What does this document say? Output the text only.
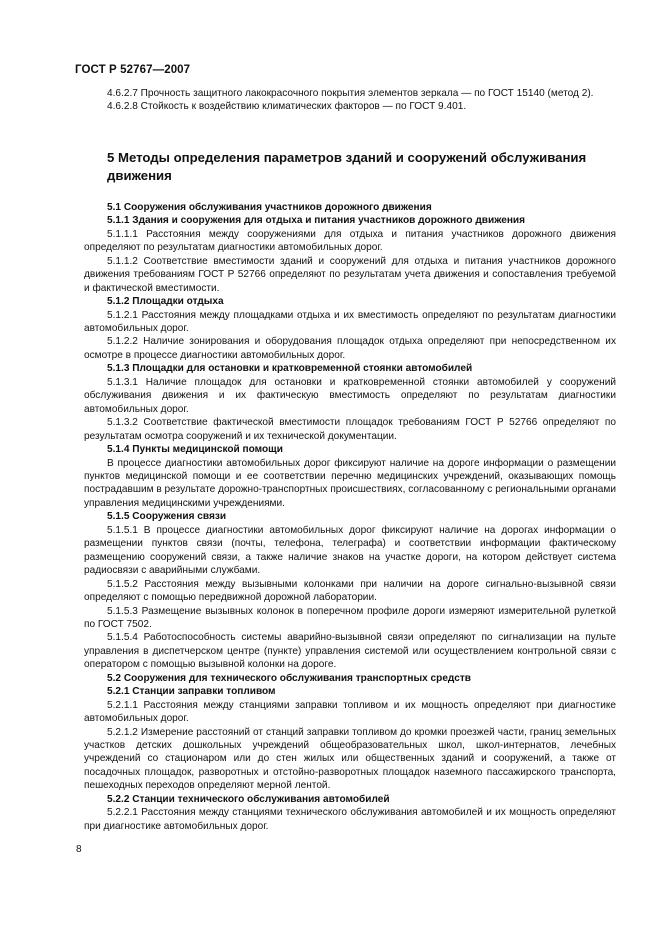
ГОСТ Р 52767—2007

4.6.2.7 Прочность защитного лакокрасочного покрытия элементов зеркала — по ГОСТ 15140 (метод 2).

4.6.2.8 Стойкость к воздействию климатических факторов — по ГОСТ 9.401.

5 Методы определения параметров зданий и сооружений обслуживания движения
5.1 Сооружения обслуживания участников дорожного движения
5.1.1 Здания и сооружения для отдыха и питания участников дорожного движения

5.1.1.1 Расстояния между сооружениями для отдыха и питания участников дорожного движения определяют по результатам диагностики автомобильных дорог.

5.1.1.2 Соответствие вместимости зданий и сооружений для отдыха и питания участников дорожного движения требованиям ГОСТ Р 52766 определяют по результатам учета движения и сопоставления требуемой и фактической вместимости.

5.1.2 Площадки отдыха

5.1.2.1 Расстояния между площадками отдыха и их вместимость определяют по результатам диагностики автомобильных дорог.

5.1.2.2 Наличие зонирования и оборудования площадок отдыха определяют при непосредственном их осмотре в процессе диагностики автомобильных дорог.

5.1.3 Площадки для остановки и кратковременной стоянки автомобилей

5.1.3.1 Наличие площадок для остановки и кратковременной стоянки автомобилей у сооружений обслуживания движения и их фактическую вместимость определяют по результатам диагностики автомобильных дорог.

5.1.3.2 Соответствие фактической вместимости площадок требованиям ГОСТ Р 52766 определяют по результатам осмотра сооружений и их технической документации.

5.1.4 Пункты медицинской помощи

В процессе диагностики автомобильных дорог фиксируют наличие на дороге информации о размещении пунктов медицинской помощи и ее соответствии перечню медицинских учреждений, оказывающих помощь пострадавшим в результате дорожно-транспортных происшествиях, согласованному с региональными органами управления медицинскими учреждениями.

5.1.5 Сооружения связи

5.1.5.1 В процессе диагностики автомобильных дорог фиксируют наличие на дорогах информации о размещении пунктов связи (почты, телефона, телеграфа) и соответствии информации фактическому размещению сооружений связи, а также наличие знаков на участке дороги, на котором действует система радиосвязи с аварийными службами.

5.1.5.2 Расстояния между вызывными колонками при наличии на дороге сигнально-вызывной связи определяют с помощью передвижной дорожной лаборатории.

5.1.5.3 Размещение вызывных колонок в поперечном профиле дороги измеряют измерительной рулеткой по ГОСТ 7502.

5.1.5.4 Работоспособность системы аварийно-вызывной связи определяют по сигнализации на пульте управления в диспетчерском центре (пункте) управления системой или осуществлением контрольной связи с оператором с помощью вызывной колонки на дороге.

5.2 Сооружения для технического обслуживания транспортных средств
5.2.1 Станции заправки топливом

5.2.1.1 Расстояния между станциями заправки топливом и их мощность определяют при диагностике автомобильных дорог.

5.2.1.2 Измерение расстояний от станций заправки топливом до кромки проезжей части, границ земельных участков детских дошкольных учреждений общеобразовательных школ, школ-интернатов, лечебных учреждений со стационаром или до стен жилых или общественных зданий и сооружений, а также от посадочных площадок, разворотных и отстойно-разворотных площадок наземного пассажирского транспорта, пешеходных переходов определяют мерной лентой.

5.2.2 Станции технического обслуживания автомобилей

5.2.2.1 Расстояния между станциями технического обслуживания автомобилей и их мощность определяют при диагностике автомобильных дорог.

8
